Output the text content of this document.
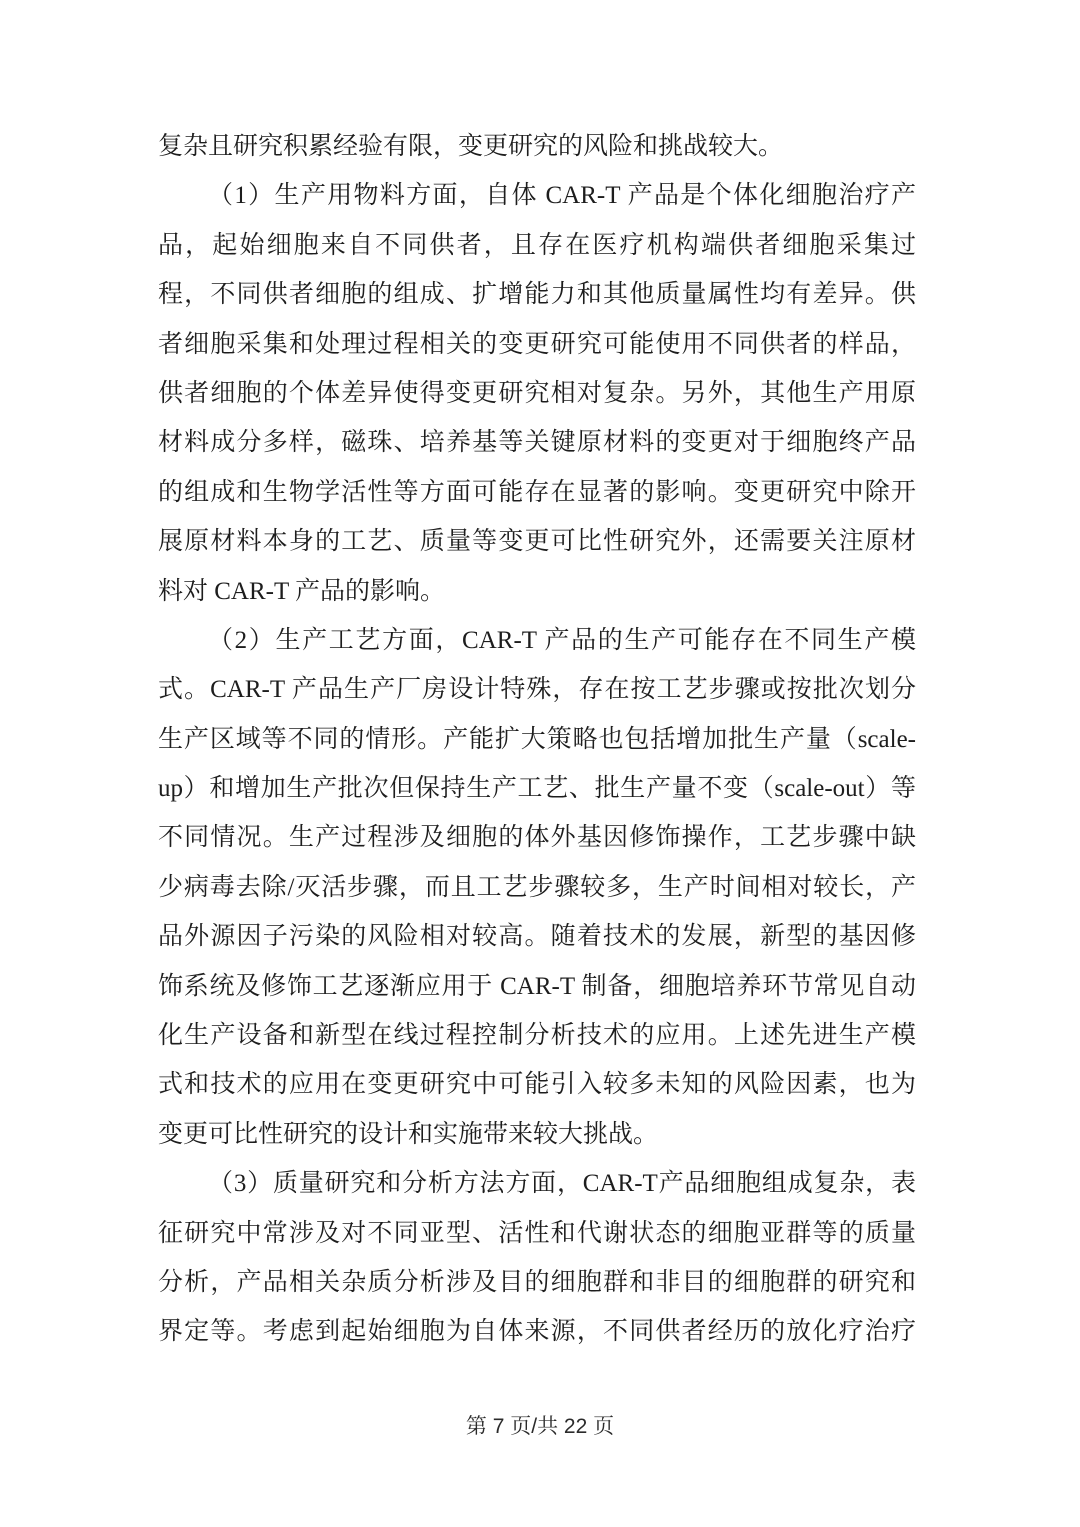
复杂且研究积累经验有限，变更研究的风险和挑战较大。
（1）生产用物料方面，自体 CAR-T 产品是个体化细胞治疗产
品，起始细胞来自不同供者，且存在医疗机构端供者细胞采集过
程，不同供者细胞的组成、扩增能力和其他质量属性均有差异。供
者细胞采集和处理过程相关的变更研究可能使用不同供者的样品，
供者细胞的个体差异使得变更研究相对复杂。另外，其他生产用原
材料成分多样，磁珠、培养基等关键原材料的变更对于细胞终产品
的组成和生物学活性等方面可能存在显著的影响。变更研究中除开
展原材料本身的工艺、质量等变更可比性研究外，还需要关注原材
料对 CAR-T 产品的影响。
（2）生产工艺方面，CAR-T 产品的生产可能存在不同生产模
式。CAR-T 产品生产厂房设计特殊，存在按工艺步骤或按批次划分
生产区域等不同的情形。产能扩大策略也包括增加批生产量（scale-
up）和增加生产批次但保持生产工艺、批生产量不变（scale-out）等
不同情况。生产过程涉及细胞的体外基因修饰操作，工艺步骤中缺
少病毒去除/灭活步骤，而且工艺步骤较多，生产时间相对较长，产
品外源因子污染的风险相对较高。随着技术的发展，新型的基因修
饰系统及修饰工艺逐渐应用于 CAR-T 制备，细胞培养环节常见自动
化生产设备和新型在线过程控制分析技术的应用。上述先进生产模
式和技术的应用在变更研究中可能引入较多未知的风险因素，也为
变更可比性研究的设计和实施带来较大挑战。
（3）质量研究和分析方法方面，CAR-T产品细胞组成复杂，表
征研究中常涉及对不同亚型、活性和代谢状态的细胞亚群等的质量
分析，产品相关杂质分析涉及目的细胞群和非目的细胞群的研究和
界定等。考虑到起始细胞为自体来源，不同供者经历的放化疗治疗
第 7 页/共 22 页
